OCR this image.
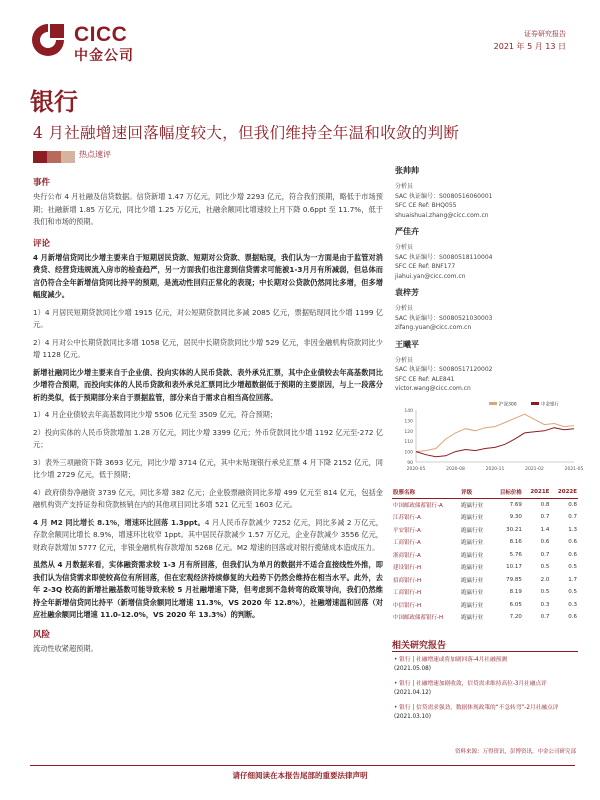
CICC
中金公司
证券研究报告
2021 年 5 月 13 日
银行
4 月社融增速回落幅度较大，但我们维持全年温和收敛的判断
热点速评
事件

央行公布 4 月社融及信贷数据。信贷新增 1.47 万亿元，同比少增 2293 亿元，符合我们预期，略低于市场预期；社融新增 1.85 万亿元，同比少增 1.25 万亿元，社融余额同比增速较上月下降 0.6ppt 至 11.7%，低于我们和市场的预期。

评论

4 月新增信贷同比少增主要来自于短期居民贷款、短期对公贷款、票据贴现，我们认为一方面是由于监管对消费贷、经营贷违规流入房市的检查趋严，另一方面我们也注意到信贷需求可能被1-3月月有所减弱，但总体而言仍符合全年新增信贷同比持平的预期，是流动性回归正常化的表现；中长期对公贷款仍然同比多增，但多增幅度减少。

1）4 月居民短期贷款同比少增 1915 亿元，对公短期贷款同比多减 2085 亿元，票据贴现同比少增 1199 亿元。

2）4 月对公中长期贷款同比多增 1058 亿元，居民中长期贷款同比少增 529 亿元，非因金融机构贷款同比少增 1128 亿元。

新增社融同比少增主要来自于企业债、投向实体的人民币贷款、表外承兑汇票，其中企业债较去年高基数同比少增符合预期，而投向实体的人民币贷款和表外承兑汇票同比少增超数据低于预期的主要原因，与上一段落分析的类似，低于预期部分来自于票据监管，部分来自于需求自相当高位回落。

1）4 月企业债较去年高基数同比少增 5506 亿元至 3509 亿元，符合预期；

2）投向实体的人民币贷款增加 1.28 万亿元，同比少增 3399 亿元；外币贷款同比少增 1192 亿元至-272 亿元；

3）表外三项融资下降 3693 亿元，同比少增 3714 亿元，其中未贴现银行承兑汇票 4 月下降 2152 亿元，同比少增 2729 亿元，低于预期；

4）政府债券净融资 3739 亿元，同比多增 382 亿元；企业股票融资同比多增 499 亿元至 814 亿元，包括金融机构资产支持证券和贷款核销在内的其他项目同比多增 521 亿元至 1603 亿元。

4 月 M2 同比增长 8.1%，增速环比回落 1.3ppt。4 月人民币存款减少 7252 亿元，同比多减 2 万亿元，存款余额同比增长 8.9%，增速环比收窄 1ppt。其中居民存款减少 1.57 万亿元，企业存款减少 3556 亿元，财政存款增加 5777 亿元，非银金融机构存款增加 5268 亿元。M2 增速的回落或对银行揽储成本造成压力。

虽然从 4 月数据来看，实体融资需求较 1-3 月有所回落，但我们认为单月的数据并不适合直接线性外推，即我们认为信贷需求即使较高位有所回落，但在宏观经济持续修复的大趋势下仍然会维持在相当水平。此外，去年 2-3Q 校高的新增社融基数可能导致来较 5 月社融增速下降，但考虑到不急转弯的政策导向，我们仍然维持全年新增信贷同比持平（新增信贷余额同比增速 11.3%，VS 2020 年 12.8%），社融增速温和回落（对应社融余额同比增速 11.0-12.0%，VS 2020 年 13.3%）的判断。

风险

流动性收紧超预期。

张帅帅
分析员
SAC 执证编号：S0080516060001
SFC CE Ref: BHQ055
shuaishuai.zhang@cicc.com.cn
严佳卉
分析员
SAC 执证编号：S0080518110004
SFC CE Ref: BNF177
jiahui.yan@cicc.com.cn
袁梓芳
分析员
SAC 执证编号：S0080521030003
zifang.yuan@cicc.com.cn
王曦平
分析员
SAC 执证编号：S0080517120002
SFC CE Ref: ALE841
victor.wang@cicc.com.cn
90
100
110
120
130
140
2020-05	2020-08	2020-11	2021-02	2021-05
沪深300	中金银行
股票名称	评级	目标价格	2021E	2022E
中国邮政储蓄银行-A	跑赢行业	7.69	0.8	0.8
江苏银行-A	跑赢行业	9.30	0.7	0.7
平安银行-A	跑赢行业	30.21	1.4	1.3
工商银行-A	跑赢行业	8.16	0.6	0.6
浙商银行-A	跑赢行业	5.76	0.7	0.6
建设银行-H	跑赢行业	10.17	0.5	0.5
招商银行-H	跑赢行业	79.85	2.0	1.7
工商银行-H	跑赢行业	8.19	0.5	0.5
中信银行-H	跑赢行业	6.05	0.3	0.3
中国邮政储蓄银行-H	跑赢行业	7.20	0.7	0.6
相关研究报告
• 银行 | 社融增速或将加剧回落-4月社融预测
(2021.05.08)
• 银行 | 社融增速加剧收敛，信贷需求维持高位-3月社融点评
(2021.04.12)
• 银行 | 信贷需求强劲，数据体现政策的“不急转弯”-2月社融点评
(2021.03.10)
资料来源：万得资讯，彭博资讯，中金公司研究部
请仔细阅读在本报告尾部的重要法律声明
